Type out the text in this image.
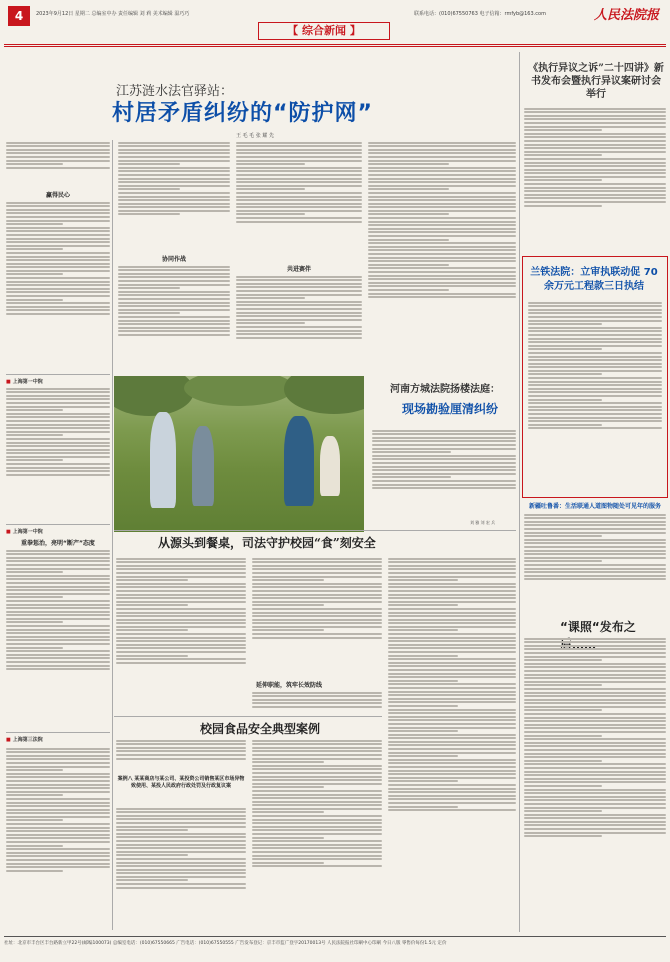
4	2023年9月12日 星期二 总编室中办 责任编辑 刘 莉 美术编辑 温巧巧
【 综合新闻 】
联系电话：(010)67550763 电子信箱：rmfyb@163.com	人民法院报
江苏涟水法官驿站：
村居矛盾纠纷的“防护网”
王 毛 毛 张 耀 先
赢得民心
协同作战
共进赛伴
■ 上海第一中院
■ 上海第一中院
重拳惩治，亮明“断产”态度
■ 上海第三法院
河南方城法院扬楼法庭：
现场勘验厘清纠纷
刘 雅 刘 宏 兵
从源头到餐桌，司法守护校园“食”刻安全
延伸职能，筑牢长效防线
校园食品安全典型案例
案例八 某某商店与某公司、某投资公司销售某区市场异物致使用、某投人民政府行政处罚及行政复议案
《执行异议之诉”二十四讲》新书发布会暨执行异议案研讨会举行
兰铁法院：立审执联动促 70余万元工程款三日执结
新疆吐鲁番：生活联通人道图物随处可见年的服务
“课照“发布之
社址：北京市丰台区丰台路新立甲22号(邮编100073) 总编室电话：(010)67550665 广告电话：(010)67550555 广告发布登记：京丰市监广登字20170013号 人民法院报社印刷中心印刷 今日八版 零售价每份1.5元 定价
